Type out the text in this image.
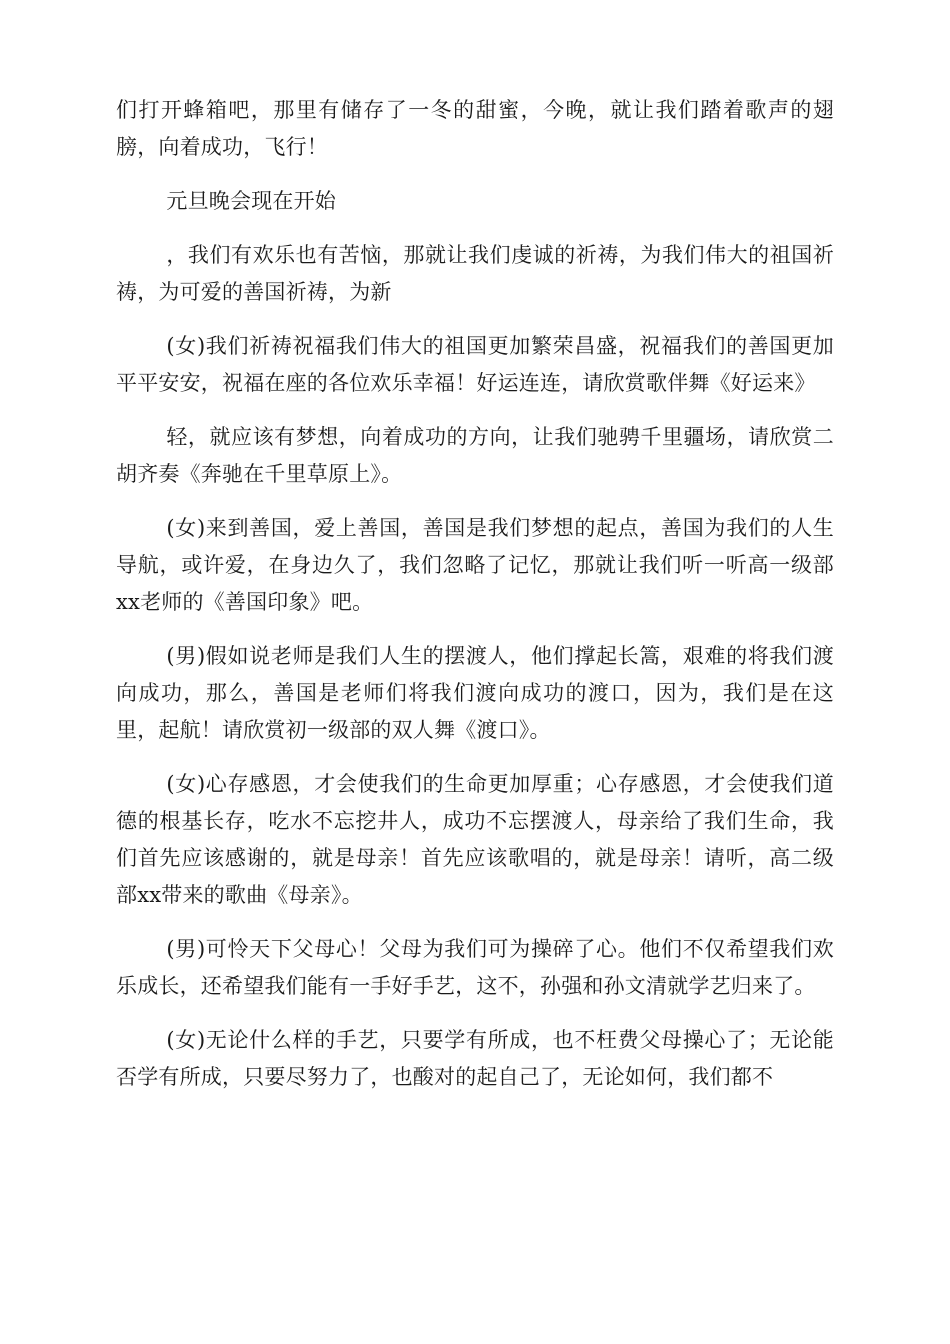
们打开蜂箱吧，那里有储存了一冬的甜蜜，今晚，就让我们踏着歌声的翅膀，向着成功，飞行！

元旦晚会现在开始

，我们有欢乐也有苦恼，那就让我们虔诚的祈祷，为我们伟大的祖国祈祷，为可爱的善国祈祷，为新

(女)我们祈祷祝福我们伟大的祖国更加繁荣昌盛，祝福我们的善国更加平平安安，祝福在座的各位欢乐幸福！好运连连，请欣赏歌伴舞《好运来》

轻，就应该有梦想，向着成功的方向，让我们驰骋千里疆场，请欣赏二胡齐奏《奔驰在千里草原上》。

(女)来到善国，爱上善国，善国是我们梦想的起点，善国为我们的人生导航，或许爱，在身边久了，我们忽略了记忆，那就让我们听一听高一级部xx老师的《善国印象》吧。

(男)假如说老师是我们人生的摆渡人，他们撑起长篙，艰难的将我们渡向成功，那么，善国是老师们将我们渡向成功的渡口，因为，我们是在这里，起航！请欣赏初一级部的双人舞《渡口》。

(女)心存感恩，才会使我们的生命更加厚重；心存感恩，才会使我们道德的根基长存，吃水不忘挖井人，成功不忘摆渡人，母亲给了我们生命，我们首先应该感谢的，就是母亲！首先应该歌唱的，就是母亲！请听，高二级部xx带来的歌曲《母亲》。

(男)可怜天下父母心！父母为我们可为操碎了心。他们不仅希望我们欢乐成长，还希望我们能有一手好手艺，这不，孙强和孙文清就学艺归来了。

(女)无论什么样的手艺，只要学有所成，也不枉费父母操心了；无论能否学有所成，只要尽努力了，也酸对的起自己了，无论如何，我们都不
